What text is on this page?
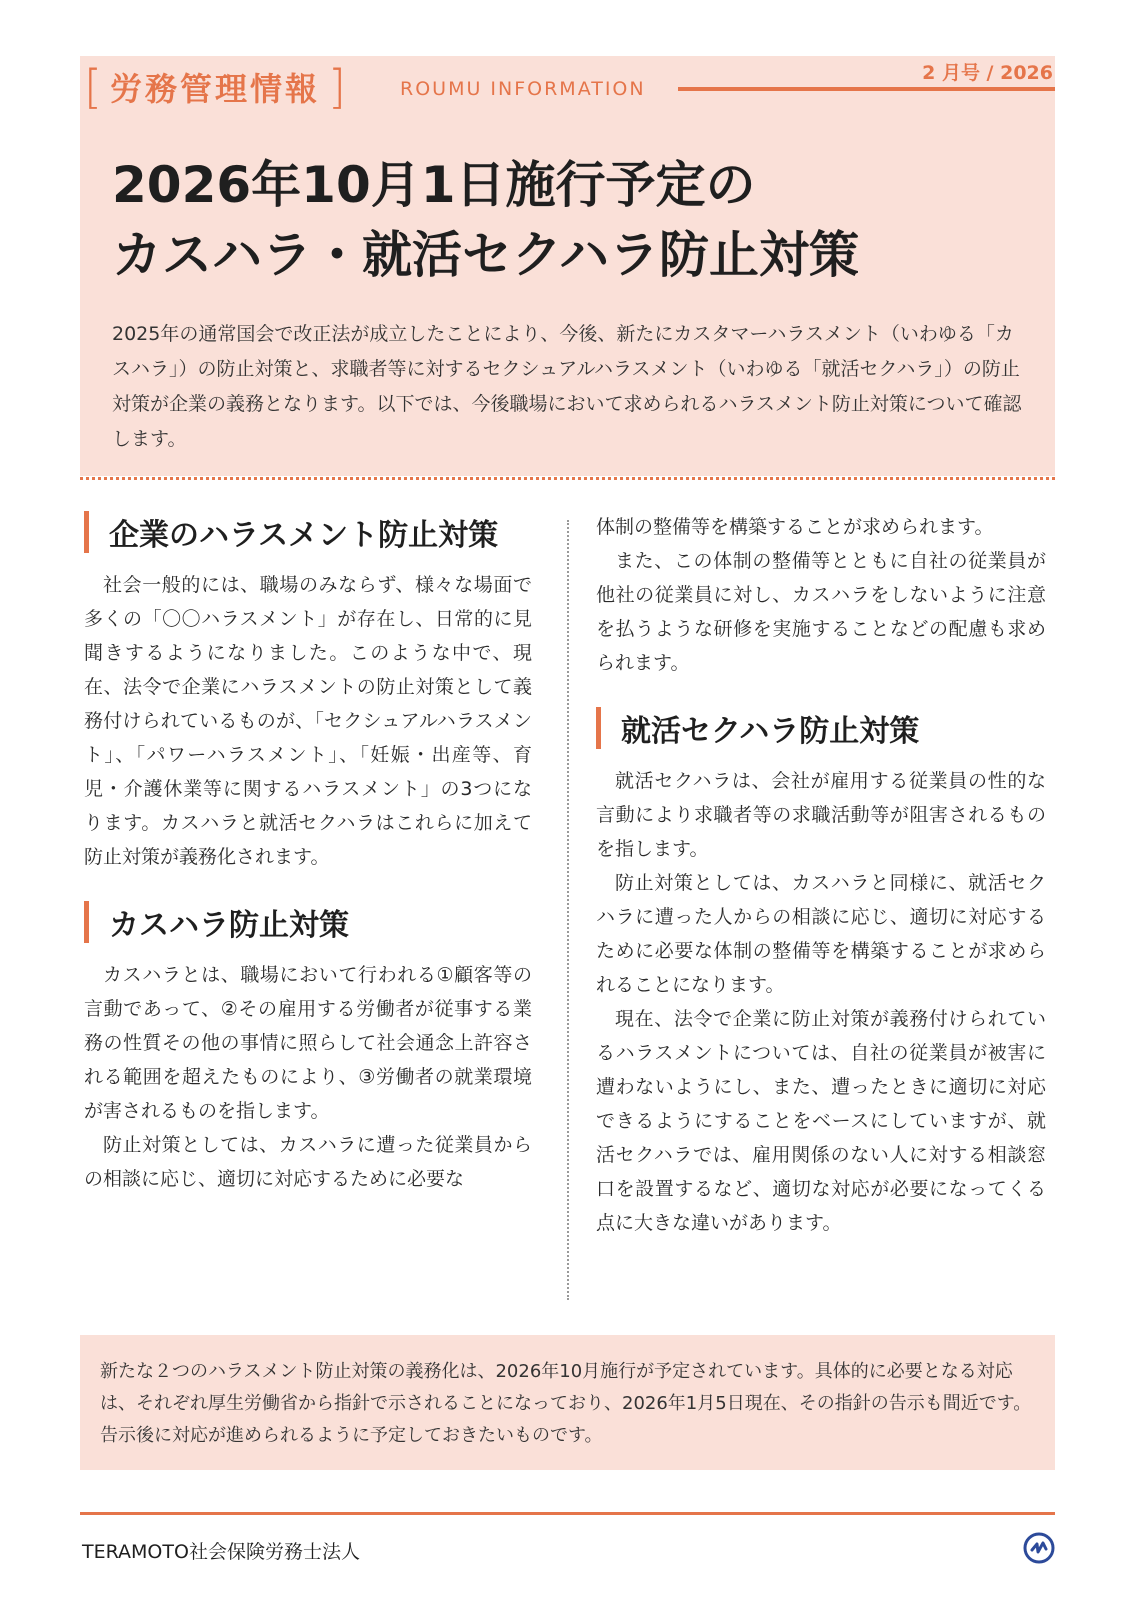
[ 労務管理情報 ]	ROUMU INFORMATION
2 月号 / 2026
2026年10月1日施行予定の
カスハラ・就活セクハラ防止対策

2025年の通常国会で改正法が成立したことにより、今後、新たにカスタマーハラスメント（いわゆる「カスハラ」）の防止対策と、求職者等に対するセクシュアルハラスメント（いわゆる「就活セクハラ」）の防止対策が企業の義務となります。以下では、今後職場において求められるハラスメント防止対策について確認します。

企業のハラスメント防止対策

社会一般的には、職場のみならず、様々な場面で多くの「〇〇ハラスメント」が存在し、日常的に見聞きするようになりました。このような中で、現在、法令で企業にハラスメントの防止対策として義務付けられているものが、「セクシュアルハラスメント」、「パワーハラスメント」、「妊娠・出産等、育児・介護休業等に関するハラスメント」の3つになります。カスハラと就活セクハラはこれらに加えて防止対策が義務化されます。

カスハラ防止対策

カスハラとは、職場において行われる①顧客等の言動であって、②その雇用する労働者が従事する業務の性質その他の事情に照らして社会通念上許容される範囲を超えたものにより、③労働者の就業環境が害されるものを指します。

防止対策としては、カスハラに遭った従業員からの相談に応じ、適切に対応するために必要な

体制の整備等を構築することが求められます。

また、この体制の整備等とともに自社の従業員が他社の従業員に対し、カスハラをしないように注意を払うような研修を実施することなどの配慮も求められます。

就活セクハラ防止対策

就活セクハラは、会社が雇用する従業員の性的な言動により求職者等の求職活動等が阻害されるものを指します。

防止対策としては、カスハラと同様に、就活セクハラに遭った人からの相談に応じ、適切に対応するために必要な体制の整備等を構築することが求められることになります。

現在、法令で企業に防止対策が義務付けられているハラスメントについては、自社の従業員が被害に遭わないようにし、また、遭ったときに適切に対応できるようにすることをベースにしていますが、就活セクハラでは、雇用関係のない人に対する相談窓口を設置するなど、適切な対応が必要になってくる点に大きな違いがあります。

新たな２つのハラスメント防止対策の義務化は、2026年10月施行が予定されています。具体的に必要となる対応は、それぞれ厚生労働省から指針で示されることになっており、2026年1月5日現在、その指針の告示も間近です。告示後に対応が進められるように予定しておきたいものです。

TERAMOTO社会保険労務士法人
